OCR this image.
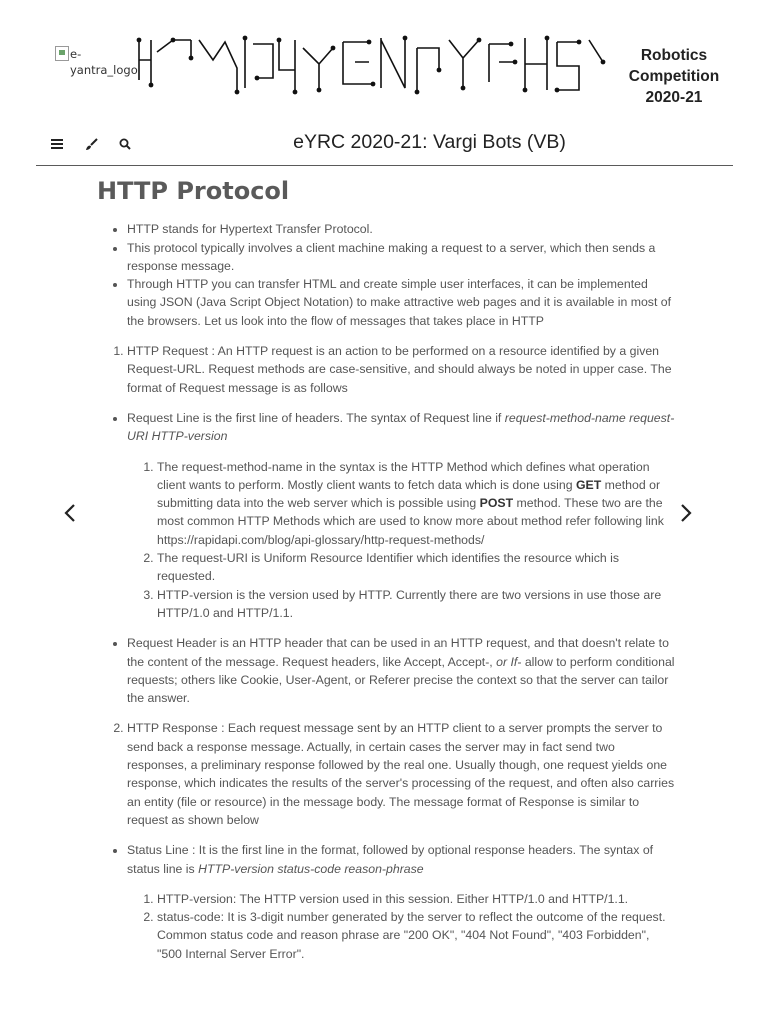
e-yantra_logo
Robotics
Competition
2020-21
eYRC 2020-21: Vargi Bots (VB)
HTTP Protocol
• HTTP stands for Hypertext Transfer Protocol.
• This protocol typically involves a client machine making a request to a server, which then sends a response message.
• Through HTTP you can transfer HTML and create simple user interfaces, it can be implemented using JSON (Java Script Object Notation) to make attractive web pages and it is available in most of the browsers. Let us look into the flow of messages that takes place in HTTP
1. HTTP Request : An HTTP request is an action to be performed on a resource identified by a given Request-URL. Request methods are case-sensitive, and should always be noted in upper case. The format of Request message is as follows
• Request Line is the first line of headers. The syntax of Request line if request-method-name request-URI HTTP-version
1. The request-method-name in the syntax is the HTTP Method which defines what operation client wants to perform. Mostly client wants to fetch data which is done using GET method or submitting data into the web server which is possible using POST method. These two are the most common HTTP Methods which are used to know more about method refer following link https://rapidapi.com/blog/api-glossary/http-request-methods/
2. The request-URI is Uniform Resource Identifier which identifies the resource which is requested.
3. HTTP-version is the version used by HTTP. Currently there are two versions in use those are HTTP/1.0 and HTTP/1.1.
• Request Header is an HTTP header that can be used in an HTTP request, and that doesn't relate to the content of the message. Request headers, like Accept, Accept-, or If- allow to perform conditional requests; others like Cookie, User-Agent, or Referer precise the context so that the server can tailor the answer.
2. HTTP Response : Each request message sent by an HTTP client to a server prompts the server to send back a response message. Actually, in certain cases the server may in fact send two responses, a preliminary response followed by the real one. Usually though, one request yields one response, which indicates the results of the server's processing of the request, and often also carries an entity (file or resource) in the message body. The message format of Response is similar to request as shown below
• Status Line : It is the first line in the format, followed by optional response headers. The syntax of status line is HTTP-version status-code reason-phrase
1. HTTP-version: The HTTP version used in this session. Either HTTP/1.0 and HTTP/1.1.
2. status-code: It is 3-digit number generated by the server to reflect the outcome of the request. Common status code and reason phrase are "200 OK", "404 Not Found", "403 Forbidden", "500 Internal Server Error".
